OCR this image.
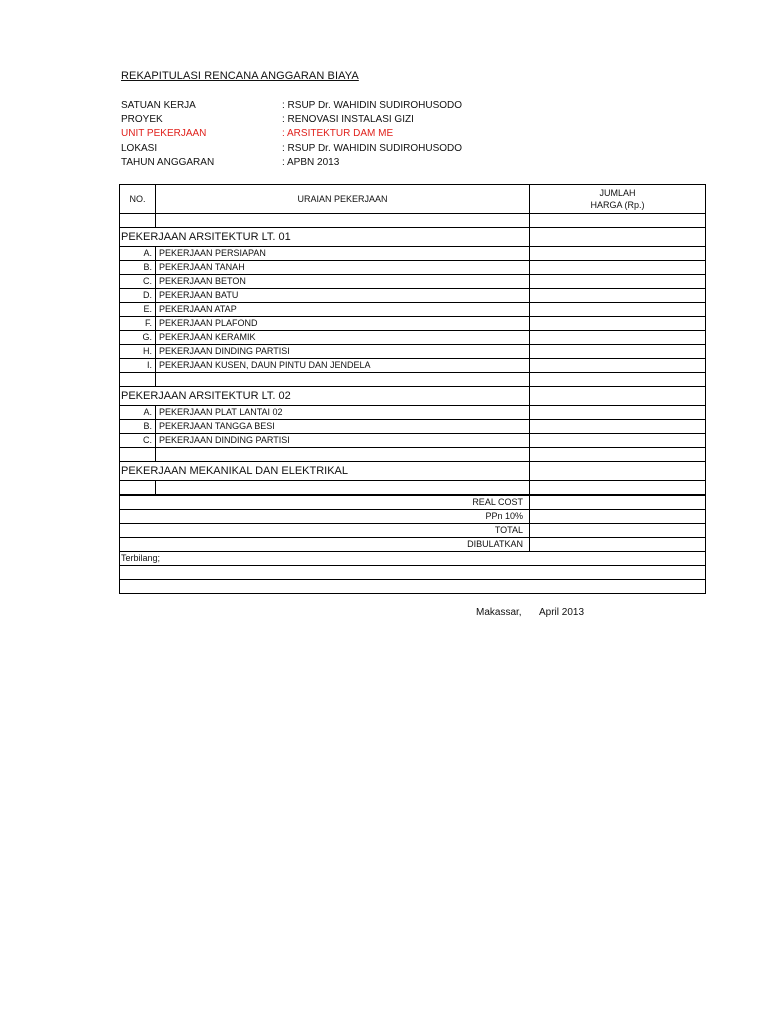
REKAPITULASI RENCANA ANGGARAN BIAYA
SATUAN KERJA	: RSUP Dr. WAHIDIN SUDIROHUSODO
PROYEK	: RENOVASI INSTALASI GIZI
UNIT PEKERJAAN	: ARSITEKTUR DAM ME
LOKASI	: RSUP Dr. WAHIDIN SUDIROHUSODO
TAHUN ANGGARAN	: APBN 2013
NO.	URAIAN PEKERJAAN	JUMLAH
HARGA (Rp.)

PEKERJAAN ARSITEKTUR LT. 01		
A.	PEKERJAAN PERSIAPAN	
B.	PEKERJAAN TANAH	
C.	PEKERJAAN BETON	
D.	PEKERJAAN BATU	
E.	PEKERJAAN ATAP	
F.	PEKERJAAN PLAFOND	
G.	PEKERJAAN KERAMIK	
H.	PEKERJAAN DINDING PARTISI	
I.	PEKERJAAN KUSEN, DAUN PINTU DAN JENDELA	

PEKERJAAN ARSITEKTUR LT. 02		
A.	PEKERJAAN PLAT LANTAI 02	
B.	PEKERJAAN TANGGA BESI	
C.	PEKERJAAN DINDING PARTISI	

PEKERJAAN MEKANIKAL DAN ELEKTRIKAL		

REAL COST		
PPn 10%		
TOTAL		
DIBULATKAN		
Terbilang;		

Makassar, April 2013
